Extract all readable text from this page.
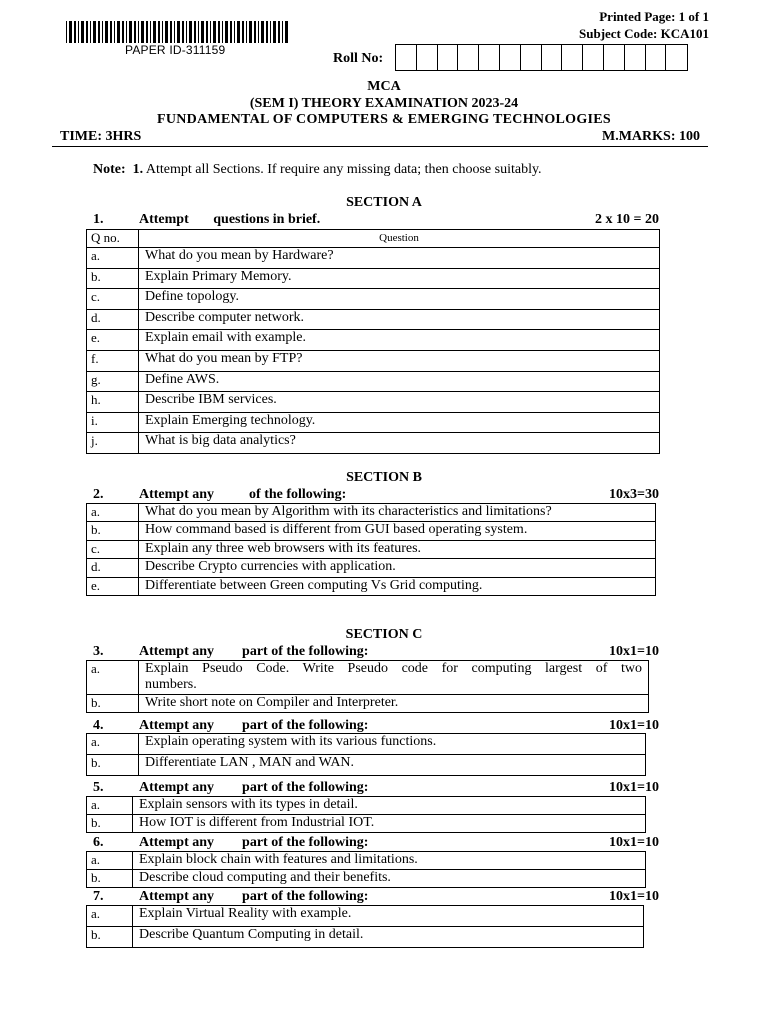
PAPER ID-311159
Printed Page: 1 of 1
Subject Code: KCA101
Roll No:
MCA
(SEM I) THEORY EXAMINATION 2023-24
FUNDAMENTAL OF COMPUTERS & EMERGING TECHNOLOGIES
TIME: 3HRS	M.MARKS: 100
Note: 1. Attempt all Sections. If require any missing data; then choose suitably.
SECTION A
1.	Attempt       questions in brief.	2 x 10 = 20
Q no.	Question
a.	What do you mean by Hardware?
b.	Explain Primary Memory.
c.	Define topology.
d.	Describe computer network.
e.	Explain email with example.
f.	What do you mean by FTP?
g.	Define AWS.
h.	Describe IBM services.
i.	Explain Emerging technology.
j.	What is big data analytics?
SECTION B
2.	Attempt any          of the following:	10x3=30
a.	What do you mean by Algorithm with its characteristics and limitations?
b.	How command based is different from GUI based operating system.
c.	Explain any three web browsers with its features.
d.	Describe Crypto currencies with application.
e.	Differentiate between Green computing Vs Grid computing.
SECTION C
3.	Attempt any        part of the following:	10x1=10
a.	Explain Pseudo Code. Write Pseudo code for computing largest of two
numbers.
b.	Write short note on Compiler and Interpreter.
4.	Attempt any        part of the following:	10x1=10
a.	Explain operating system with its various functions.
b.	Differentiate LAN , MAN and WAN.
5.	Attempt any        part of the following:	10x1=10
a.	Explain sensors with its types in detail.
b.	How IOT is different from Industrial IOT.
6.	Attempt any        part of the following:	10x1=10
a.	Explain block chain with features and limitations.
b.	Describe cloud computing and their benefits.
7.	Attempt any        part of the following:	10x1=10
a.	Explain Virtual Reality with example.
b.	Describe Quantum Computing in detail.
